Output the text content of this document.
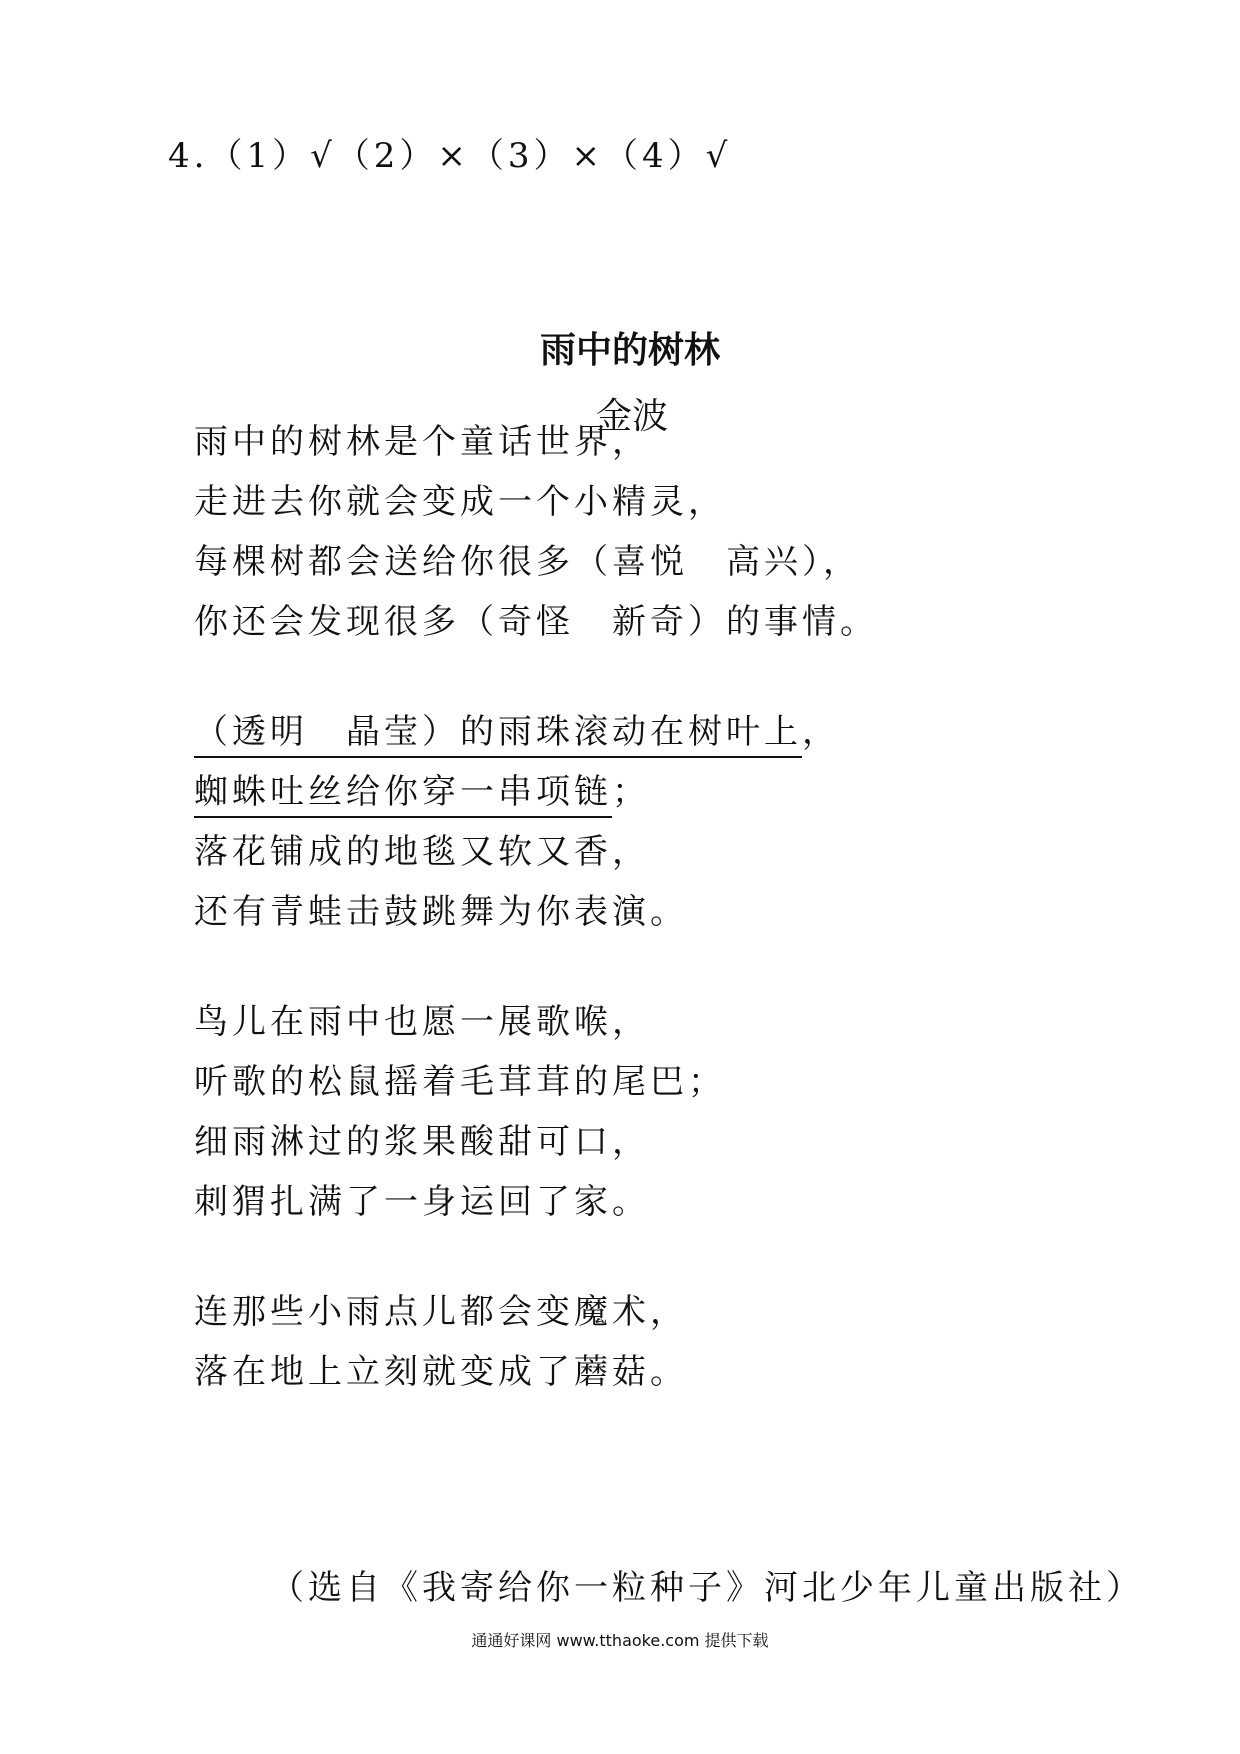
4.（1）√（2）×（3）×（4）√
雨中的树林
金波
雨中的树林是个童话世界，
走进去你就会变成一个小精灵，
每棵树都会送给你很多（喜悦　高兴），
你还会发现很多（奇怪　新奇）的事情。
（透明　晶莹）的雨珠滚动在树叶上，
蜘蛛吐丝给你穿一串项链；
落花铺成的地毯又软又香，
还有青蛙击鼓跳舞为你表演。
鸟儿在雨中也愿一展歌喉，
听歌的松鼠摇着毛茸茸的尾巴；
细雨淋过的浆果酸甜可口，
刺猬扎满了一身运回了家。
连那些小雨点儿都会变魔术，
落在地上立刻就变成了蘑菇。
（选自《我寄给你一粒种子》河北少年儿童出版社）
通通好课网 www.tthaoke.com 提供下载
